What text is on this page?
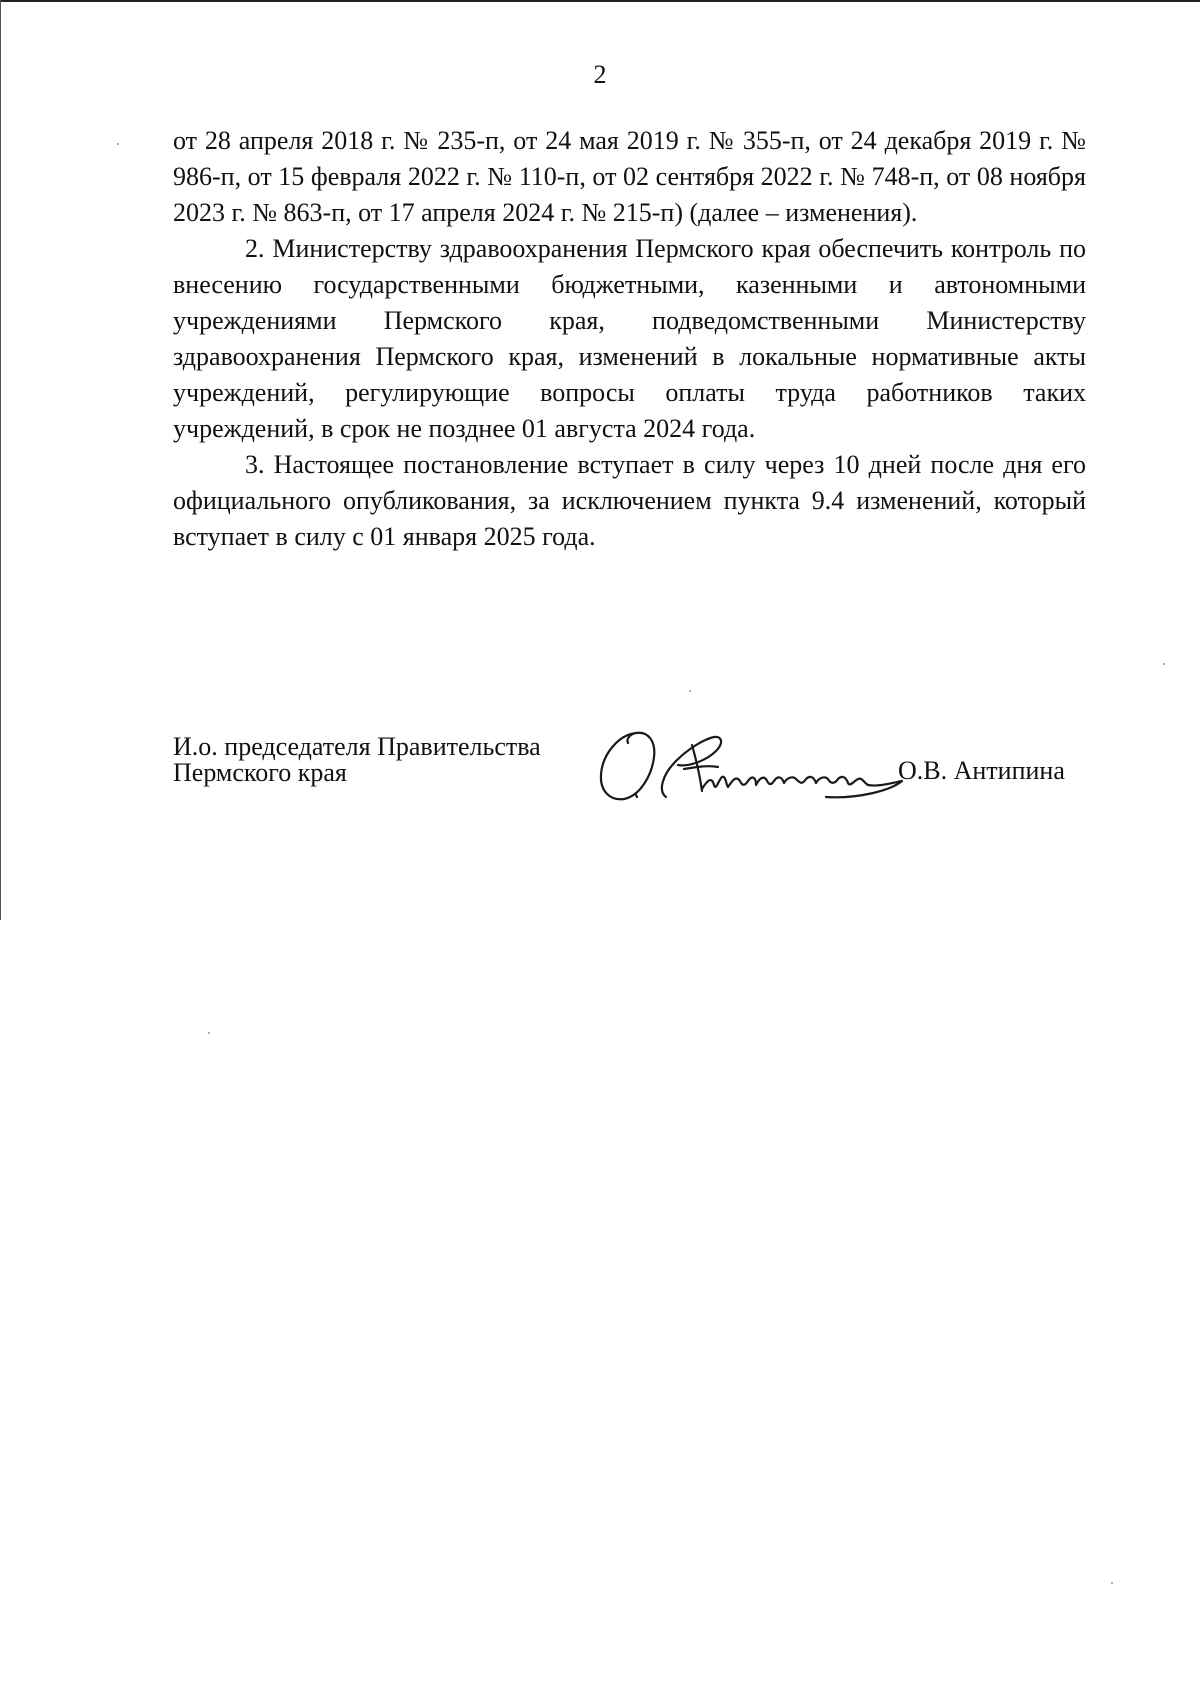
2

от 28 апреля 2018 г. № 235-п, от 24 мая 2019 г. № 355-п, от 24 декабря 2019 г. № 986-п, от 15 февраля 2022 г. № 110-п, от 02 сентября 2022 г. № 748-п, от 08 ноября 2023 г. № 863-п, от 17 апреля 2024 г. № 215-п) (далее – изменения).

2. Министерству здравоохранения Пермского края обеспечить контроль по внесению государственными бюджетными, казенными и автономными учреждениями Пермского края, подведомственными Министерству здравоохранения Пермского края, изменений в локальные нормативные акты учреждений, регулирующие вопросы оплаты труда работников таких учреждений, в срок не позднее 01 августа 2024 года.

3. Настоящее постановление вступает в силу через 10 дней после дня его официального опубликования, за исключением пункта 9.4 изменений, который вступает в силу с 01 января 2025 года.

И.о. председателя Правительства
Пермского края	О.В. Антипина
